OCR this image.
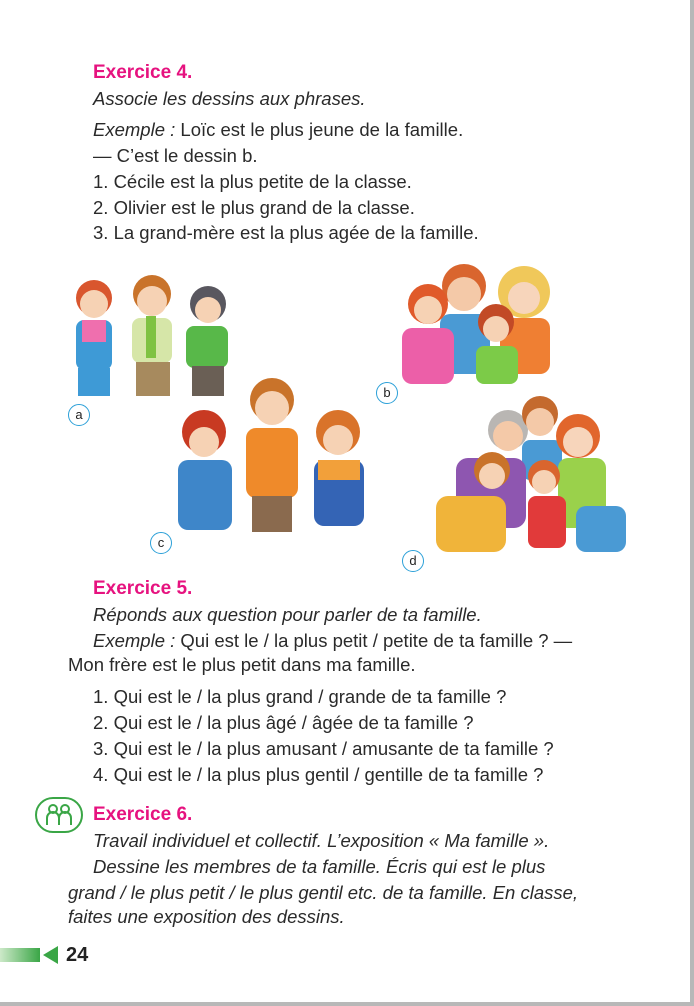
Exercice 4.
Associe les dessins aux phrases.
Exemple : Loïc est le plus jeune de la famille.
— C’est le dessin b.
1. Cécile est la plus petite de la classe.
2. Olivier est le plus grand de la classe.
3. La grand-mère est la plus agée de la famille.
a
b
c
d
Exercice 5.
Réponds aux question pour parler de ta famille.
Exemple : Qui est le / la plus petit / petite de ta famille ? —
Mon frère est le plus petit dans ma famille.
1. Qui est le / la plus grand / grande de ta famille ?
2. Qui est le / la plus âgé / âgée de ta famille ?
3. Qui est le / la plus amusant / amusante de ta famille ?
4. Qui est le / la plus plus gentil / gentille de ta famille ?
Exercice 6.
Travail individuel et collectif. L’exposition « Ma famille ».
Dessine les membres de ta famille. Écris qui est le plus
grand / le plus petit / le plus gentil etc. de ta famille. En classe,
faites une exposition des dessins.
24
